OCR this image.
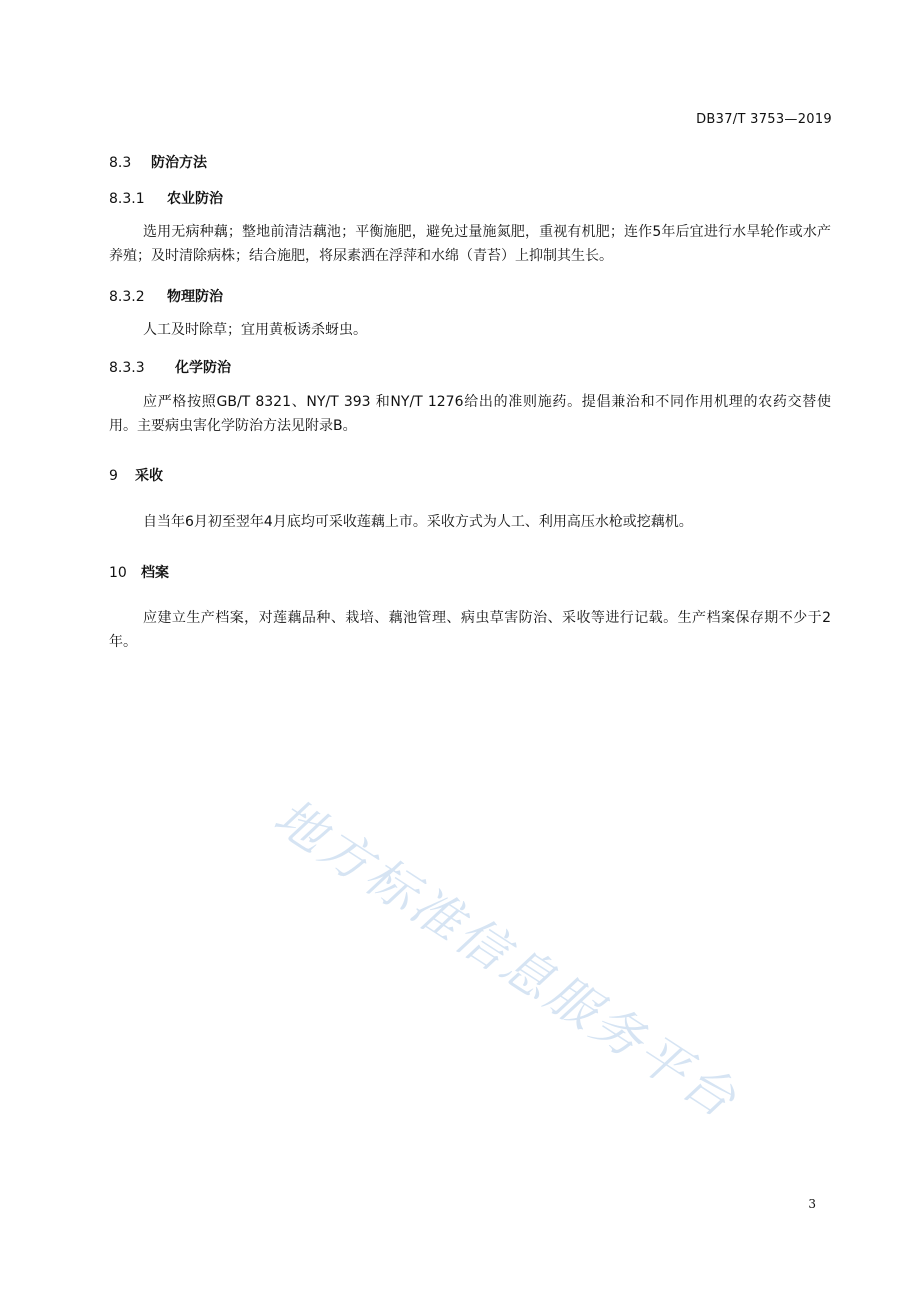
DB37/T 3753—2019
8.3 防治方法
8.3.1 农业防治
选用无病种藕；整地前清洁藕池；平衡施肥，避免过量施氮肥，重视有机肥；连作5年后宜进行水旱轮作或水产养殖；及时清除病株；结合施肥，将尿素洒在浮萍和水绵（青苔）上抑制其生长。
8.3.2 物理防治
人工及时除草；宜用黄板诱杀蚜虫。
8.3.3 化学防治
应严格按照GB/T 8321、NY/T 393 和NY/T 1276给出的准则施药。提倡兼治和不同作用机理的农药交替使用。主要病虫害化学防治方法见附录B。
9 采收
自当年6月初至翌年4月底均可采收莲藕上市。采收方式为人工、利用高压水枪或挖藕机。
10 档案
应建立生产档案，对莲藕品种、栽培、藕池管理、病虫草害防治、采收等进行记载。生产档案保存期不少于2 年。
地方标准信息服务平台
3
